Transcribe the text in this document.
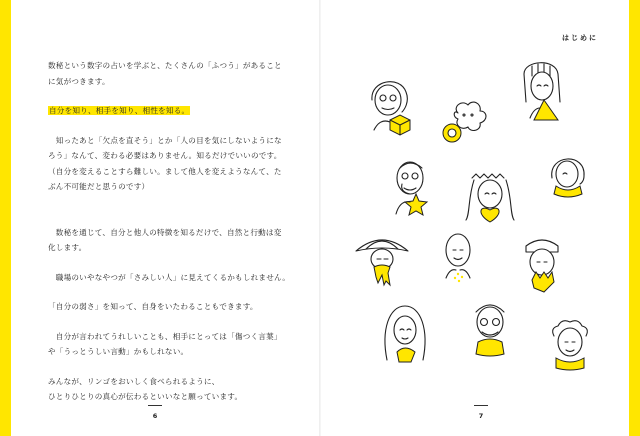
数秘という数字の占いを学ぶと、たくさんの「ふつう」があること
に気がつきます。

自分を知り、相手を知り、相性を知る。

　知ったあと「欠点を直そう」とか「人の目を気にしないようにな
ろう」なんて、変わる必要はありません。知るだけでいいのです。
（自分を変えることすら難しい。まして他人を変えようなんて、た
ぶん不可能だと思うのです）

　数秘を通じて、自分と他人の特徴を知るだけで、自然と行動は変
化します。

　職場のいやなやつが「さみしい人」に見えてくるかもしれません。

「自分の弱さ」を知って、自身をいたわることもできます。

　自分が言われてうれしいことも、相手にとっては「傷つく言葉」
や「うっとうしい言動」かもしれない。

みんなが、リンゴをおいしく食べられるように、
ひとりひとりの真心が伝わるといいなと願っています。

6
はじめに
7
